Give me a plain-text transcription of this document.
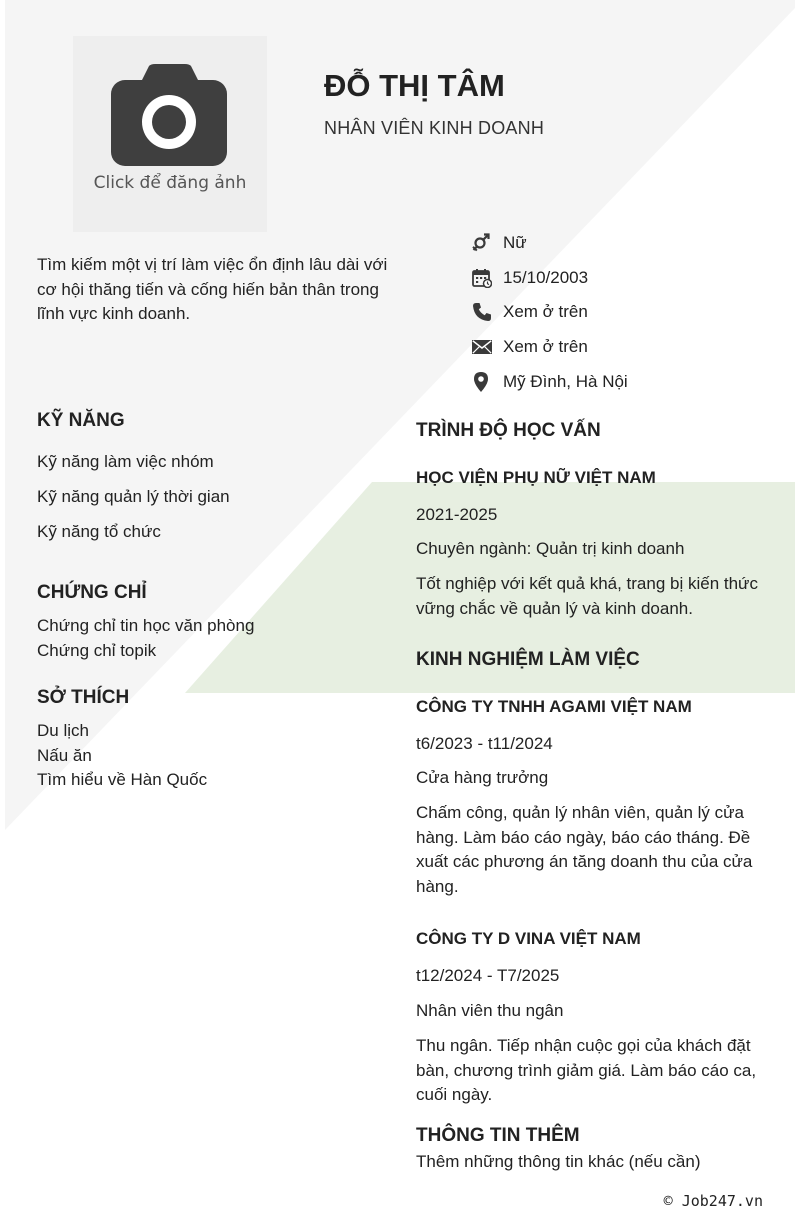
Click để đăng ảnh
ĐỖ THỊ TÂM
NHÂN VIÊN KINH DOANH
Tìm kiếm một vị trí làm việc ổn định lâu dài với cơ hội thăng tiến và cống hiến bản thân trong lĩnh vực kinh doanh.
Nữ
15/10/2003
Xem ở trên
Xem ở trên
Mỹ Đình, Hà Nội
KỸ NĂNG
Kỹ năng làm việc nhóm
Kỹ năng quản lý thời gian
Kỹ năng tổ chức
CHỨNG CHỈ
Chứng chỉ tin học văn phòng
Chứng chỉ topik
SỞ THÍCH
Du lịch
Nấu ăn
Tìm hiểu về Hàn Quốc
TRÌNH ĐỘ HỌC VẤN
HỌC VIỆN PHỤ NỮ VIỆT NAM
2021-2025
Chuyên ngành: Quản trị kinh doanh
Tốt nghiệp với kết quả khá, trang bị kiến thức vững chắc về quản lý và kinh doanh.
KINH NGHIỆM LÀM VIỆC
CÔNG TY TNHH AGAMI VIỆT NAM
t6/2023 - t11/2024
Cửa hàng trưởng
Chấm công, quản lý nhân viên, quản lý cửa hàng. Làm báo cáo ngày, báo cáo tháng. Đề xuất các phương án tăng doanh thu của cửa hàng.
CÔNG TY D VINA VIỆT NAM
t12/2024 - T7/2025
Nhân viên thu ngân
Thu ngân. Tiếp nhận cuộc gọi của khách đặt bàn, chương trình giảm giá. Làm báo cáo ca, cuối ngày.
THÔNG TIN THÊM
Thêm những thông tin khác (nếu cần)
© Job247.vn
